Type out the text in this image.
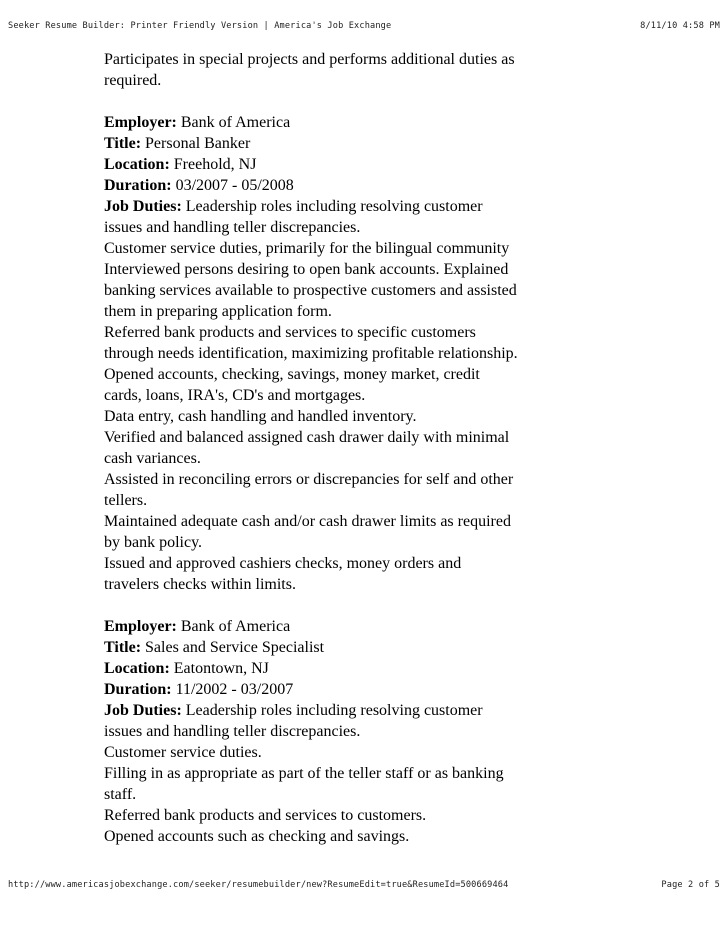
Seeker Resume Builder: Printer Friendly Version | America's Job Exchange	8/11/10 4:58 PM
Participates in special projects and performs additional duties as
required.
Employer: Bank of America
Title: Personal Banker
Location: Freehold, NJ
Duration: 03/2007 - 05/2008
Job Duties: Leadership roles including resolving customer
issues and handling teller discrepancies.
Customer service duties, primarily for the bilingual community
Interviewed persons desiring to open bank accounts. Explained
banking services available to prospective customers and assisted
them in preparing application form.
Referred bank products and services to specific customers
through needs identification, maximizing profitable relationship.
Opened accounts, checking, savings, money market, credit
cards, loans, IRA's, CD's and mortgages.
Data entry, cash handling and handled inventory.
Verified and balanced assigned cash drawer daily with minimal
cash variances.
Assisted in reconciling errors or discrepancies for self and other
tellers.
Maintained adequate cash and/or cash drawer limits as required
by bank policy.
Issued and approved cashiers checks, money orders and
travelers checks within limits.
Employer: Bank of America
Title: Sales and Service Specialist
Location: Eatontown, NJ
Duration: 11/2002 - 03/2007
Job Duties: Leadership roles including resolving customer
issues and handling teller discrepancies.
Customer service duties.
Filling in as appropriate as part of the teller staff or as banking
staff.
Referred bank products and services to customers.
Opened accounts such as checking and savings.
http://www.americasjobexchange.com/seeker/resumebuilder/new?ResumeEdit=true&ResumeId=500669464	Page 2 of 5
